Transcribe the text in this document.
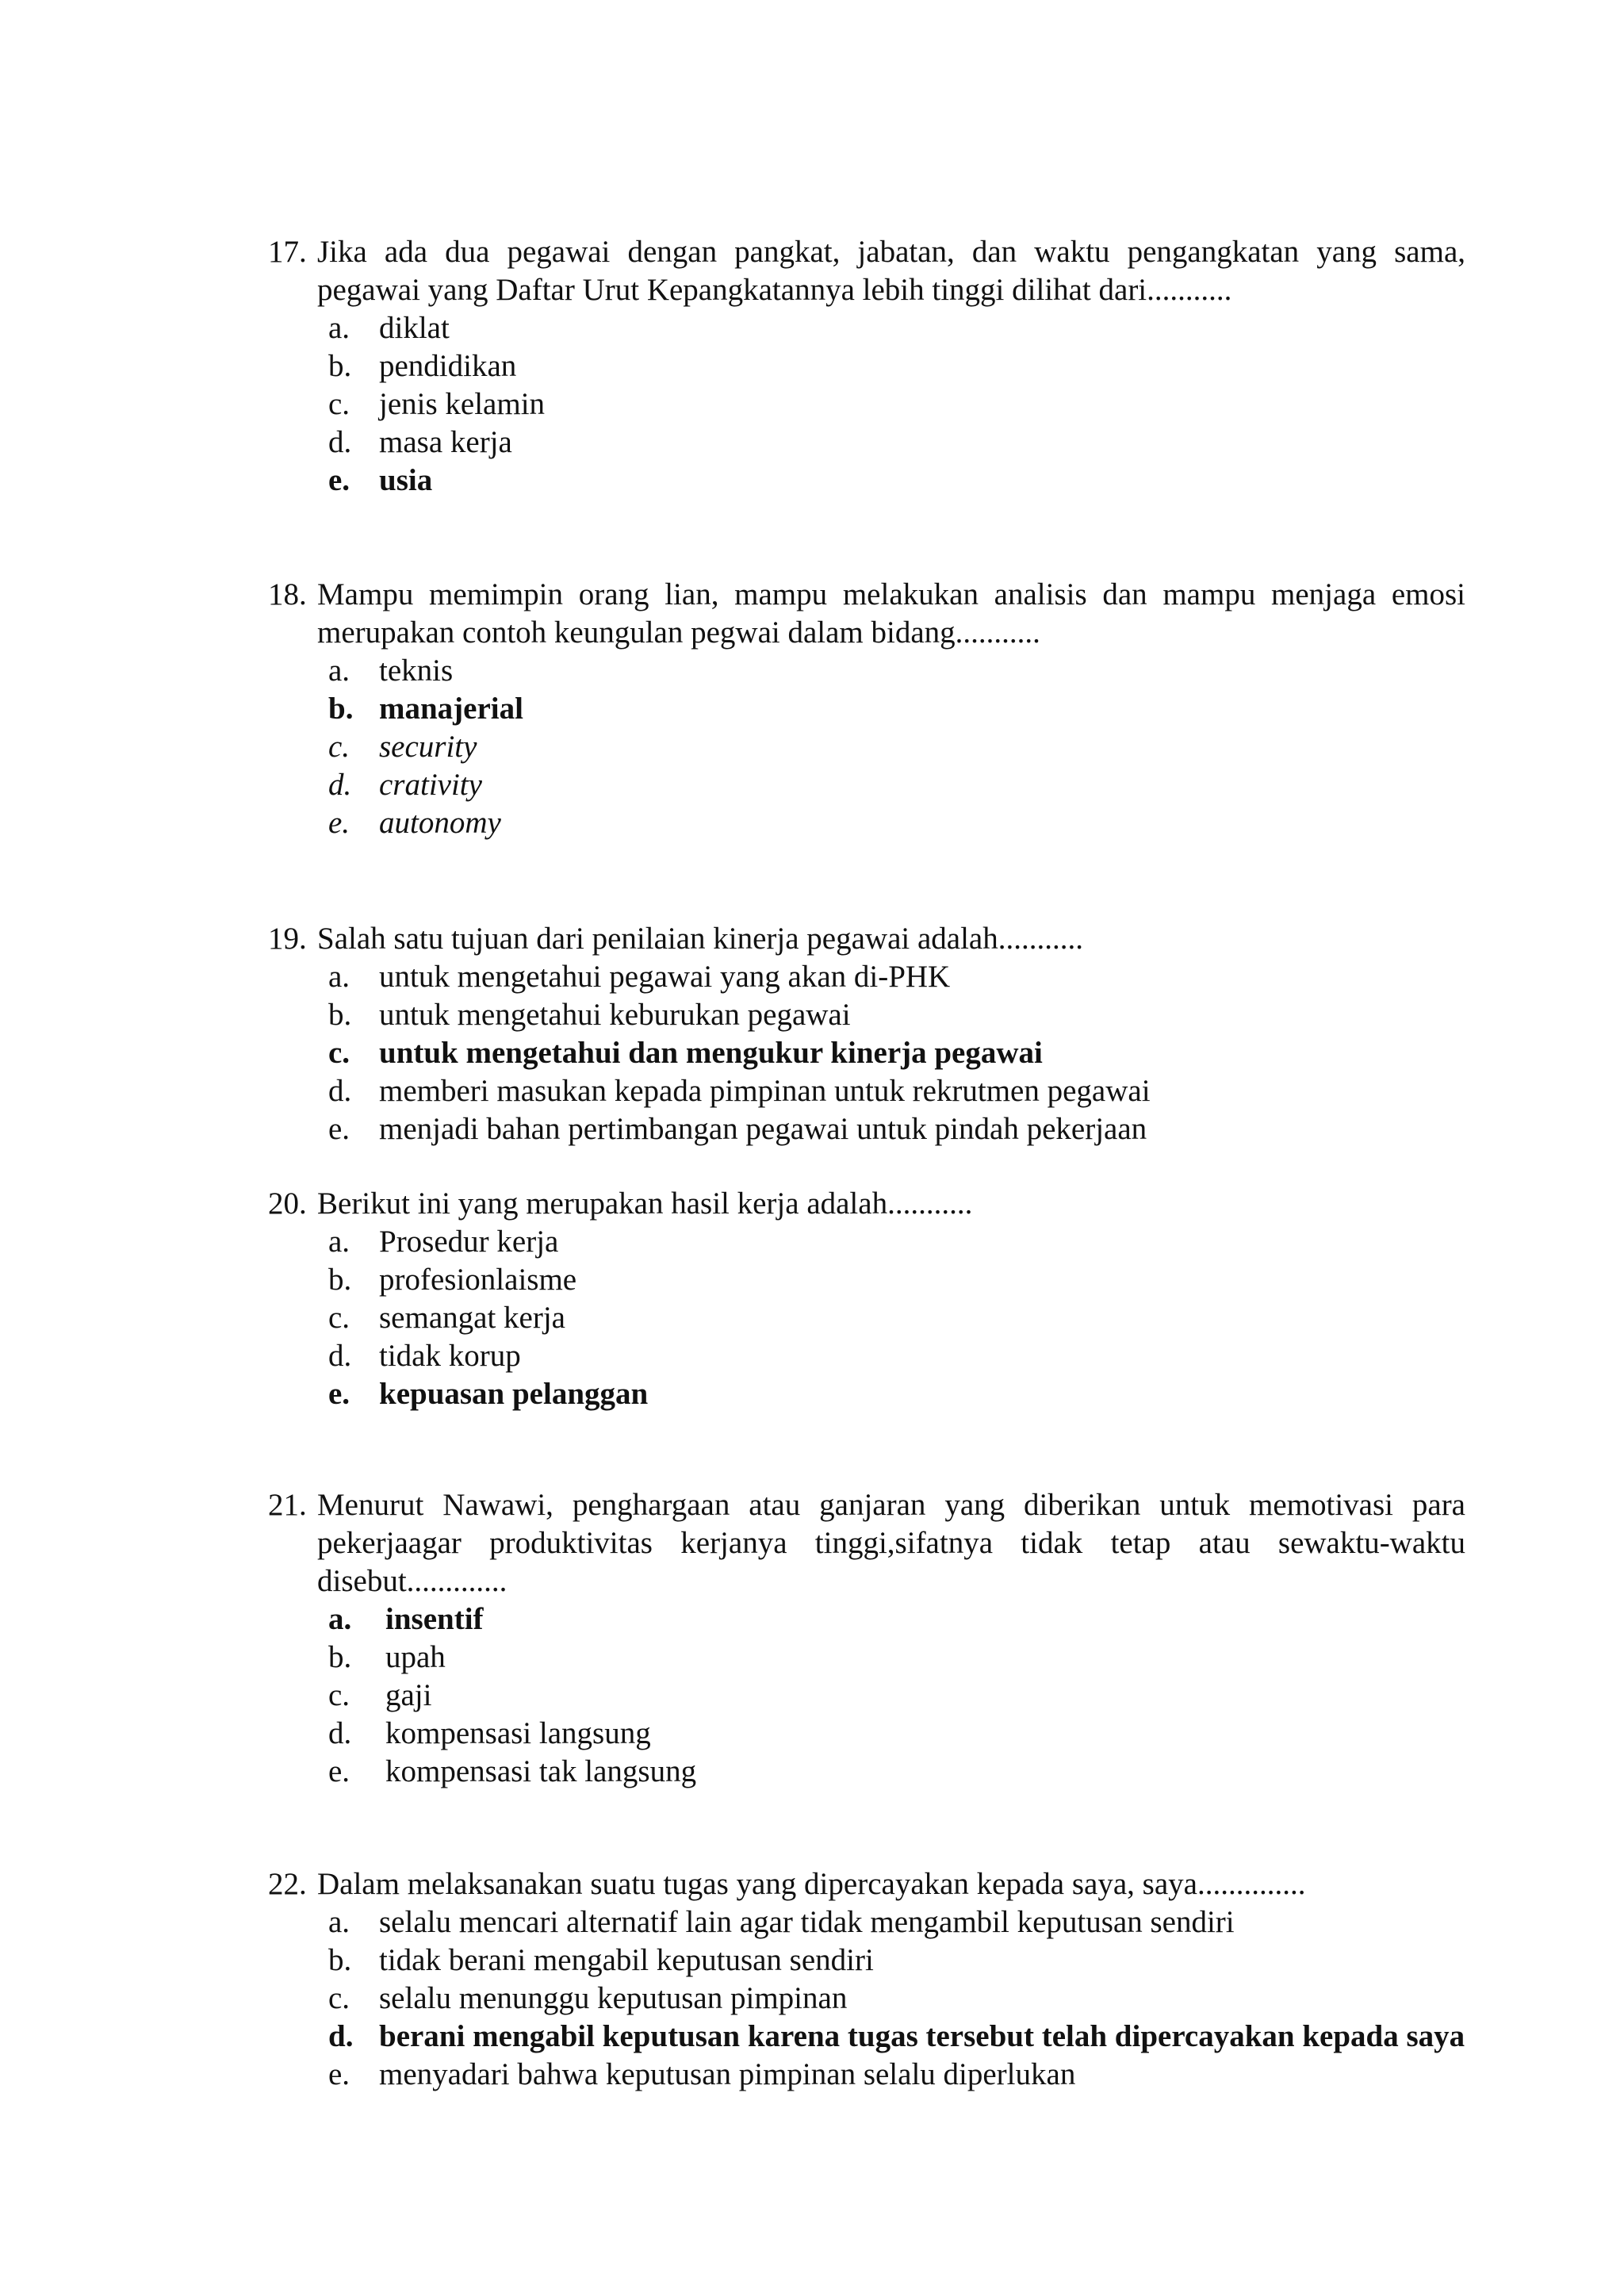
17. Jika ada dua pegawai dengan pangkat, jabatan, dan waktu pengangkatan yang sama, pegawai yang Daftar Urut Kepangkatannya lebih tinggi dilihat dari...........
a. diklat
b. pendidikan
c. jenis kelamin
d. masa kerja
e. usia
18. Mampu memimpin orang lian, mampu melakukan analisis dan mampu menjaga emosi merupakan contoh keungulan pegwai dalam bidang...........
a. teknis
b. manajerial
c. security
d. crativity
e. autonomy
19. Salah satu tujuan dari penilaian kinerja pegawai adalah...........
a. untuk mengetahui pegawai yang akan di-PHK
b. untuk mengetahui keburukan pegawai
c. untuk mengetahui dan mengukur kinerja pegawai
d. memberi masukan kepada pimpinan untuk rekrutmen pegawai
e. menjadi bahan pertimbangan pegawai untuk pindah pekerjaan
20. Berikut ini yang merupakan hasil kerja adalah...........
a. Prosedur kerja
b. profesionlaisme
c. semangat kerja
d. tidak korup
e. kepuasan pelanggan
21. Menurut Nawawi, penghargaan atau ganjaran yang diberikan untuk memotivasi para pekerjaagar produktivitas kerjanya tinggi,sifatnya tidak tetap atau sewaktu-waktu disebut.............
a.	insentif
b.	upah
c.	gaji
d.	kompensasi langsung
e.	kompensasi tak langsung
22. Dalam melaksanakan suatu tugas yang dipercayakan kepada saya, saya..............
a. selalu mencari alternatif lain agar tidak mengambil keputusan sendiri
b. tidak berani mengabil keputusan sendiri
c. selalu menunggu keputusan pimpinan
d. berani mengabil keputusan karena tugas tersebut telah dipercayakan kepada saya
e. menyadari bahwa keputusan pimpinan selalu diperlukan
